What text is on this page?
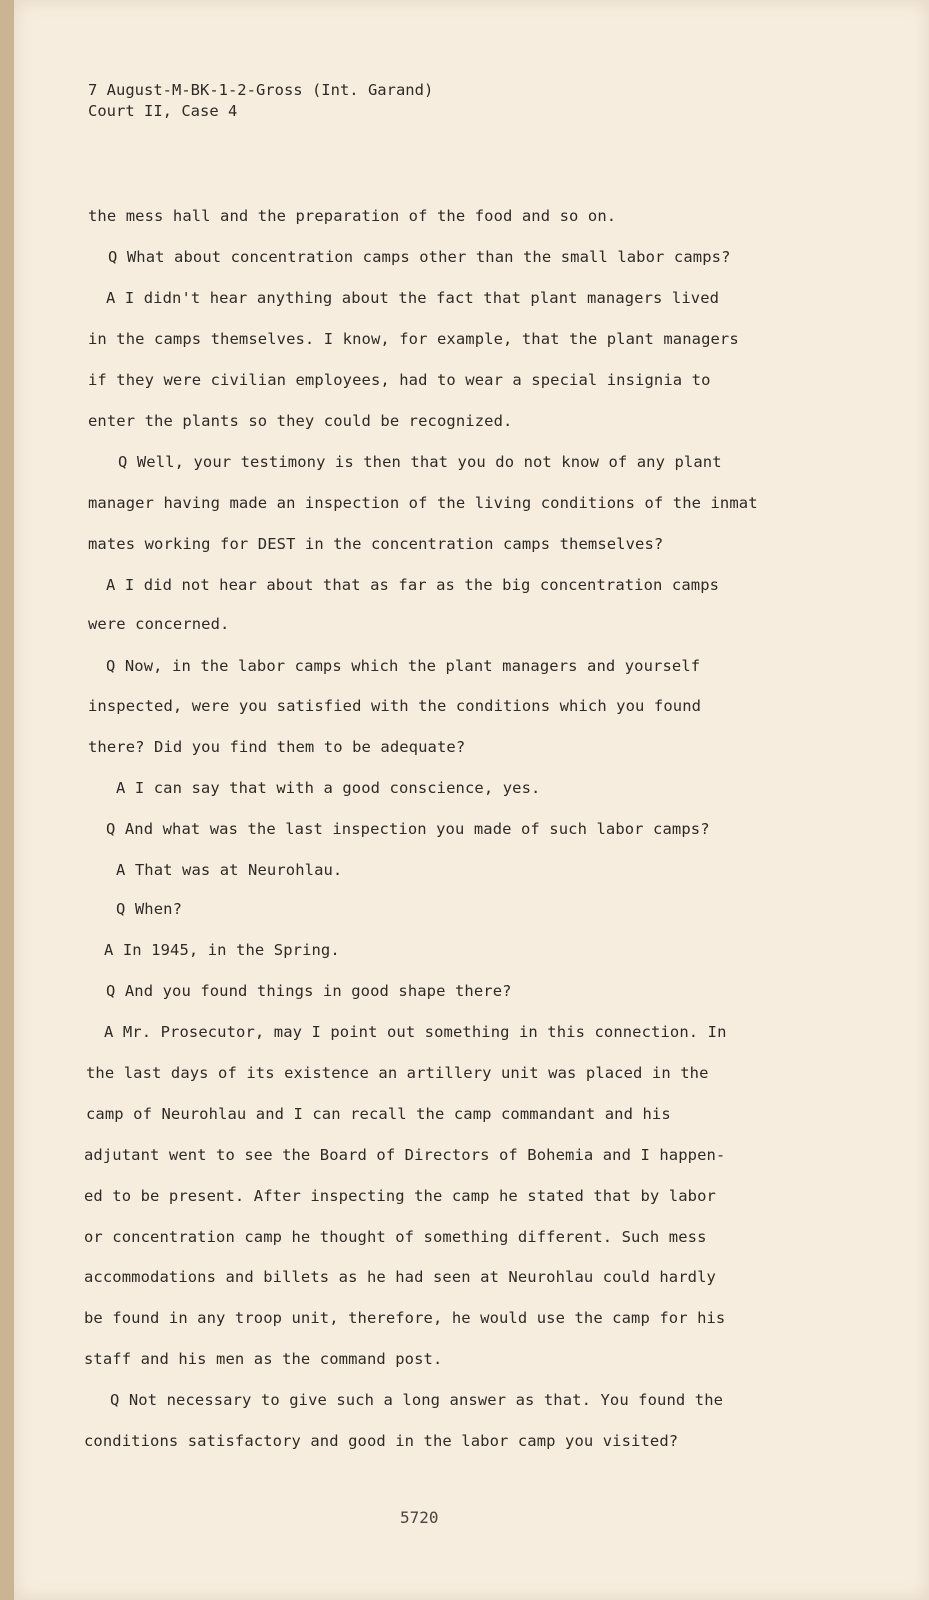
7 August-M-BK-1-2-Gross (Int. Garand)
Court II, Case 4
the mess hall and the preparation of the food and so on.
Q What about concentration camps other than the small labor camps?
A I didn't hear anything about the fact that plant managers lived
in the camps themselves. I know, for example, that the plant managers
if they were civilian employees, had to wear a special insignia to
enter the plants so they could be recognized.
Q Well, your testimony is then that you do not know of any plant
manager having made an inspection of the living conditions of the inmat
mates working for DEST in the concentration camps themselves?
A I did not hear about that as far as the big concentration camps
were concerned.
Q Now, in the labor camps which the plant managers and yourself
inspected, were you satisfied with the conditions which you found
there? Did you find them to be adequate?
A I can say that with a good conscience, yes.
Q And what was the last inspection you made of such labor camps?
A That was at Neurohlau.
Q When?
A In 1945, in the Spring.
Q And you found things in good shape there?
A Mr. Prosecutor, may I point out something in this connection. In
the last days of its existence an artillery unit was placed in the
camp of Neurohlau and I can recall the camp commandant and his
adjutant went to see the Board of Directors of Bohemia and I happen-
ed to be present. After inspecting the camp he stated that by labor
or concentration camp he thought of something different. Such mess
accommodations and billets as he had seen at Neurohlau could hardly
be found in any troop unit, therefore, he would use the camp for his
staff and his men as the command post.
Q Not necessary to give such a long answer as that. You found the
conditions satisfactory and good in the labor camp you visited?
5720
